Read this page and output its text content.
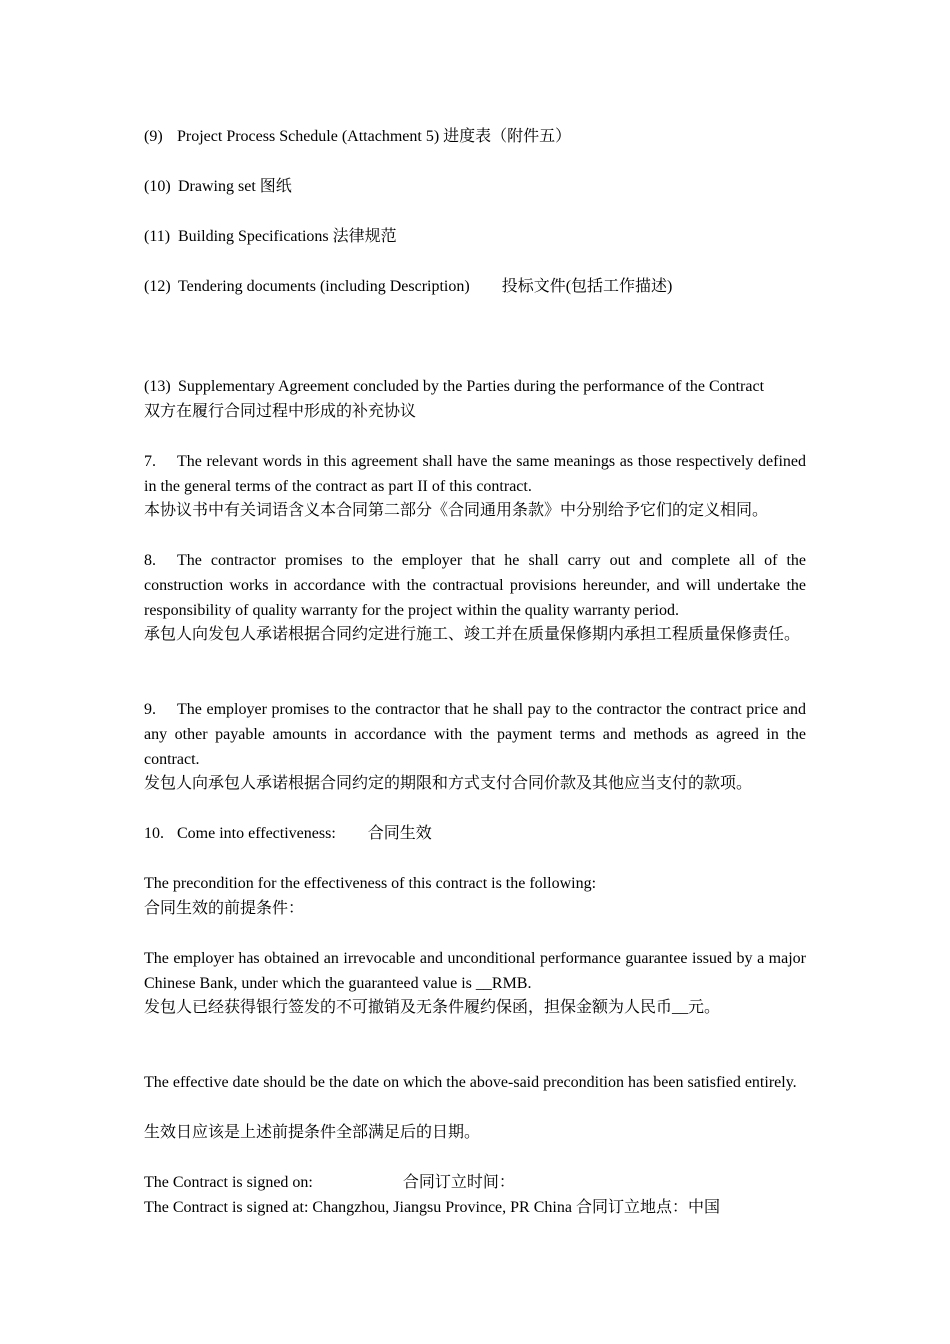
(9) Project Process Schedule (Attachment 5) 进度表（附件五）
(10) Drawing set 图纸
(11) Building Specifications 法律规范
(12) Tendering documents (including Description) 投标文件(包括工作描述)
(13) Supplementary Agreement concluded by the Parties during the performance of the Contract
双方在履行合同过程中形成的补充协议
7. The relevant words in this agreement shall have the same meanings as those respectively defined in the general terms of the contract as part II of this contract.
本协议书中有关词语含义本合同第二部分《合同通用条款》中分别给予它们的定义相同。
8. The contractor promises to the employer that he shall carry out and complete all of the construction works in accordance with the contractual provisions hereunder, and will undertake the responsibility of quality warranty for the project within the quality warranty period.
承包人向发包人承诺根据合同约定进行施工、竣工并在质量保修期内承担工程质量保修责任。
9. The employer promises to the contractor that he shall pay to the contractor the contract price and any other payable amounts in accordance with the payment terms and methods as agreed in the contract.
发包人向承包人承诺根据合同约定的期限和方式支付合同价款及其他应当支付的款项。
10. Come into effectiveness: 合同生效
The precondition for the effectiveness of this contract is the following:
合同生效的前提条件：
The employer has obtained an irrevocable and unconditional performance guarantee issued by a major Chinese Bank, under which the guaranteed value is __RMB.
发包人已经获得银行签发的不可撤销及无条件履约保函，担保金额为人民币__元。
The effective date should be the date on which the above-said precondition has been satisfied entirely.
生效日应该是上述前提条件全部满足后的日期。
The Contract is signed on:	合同订立时间：
The Contract is signed at: Changzhou, Jiangsu Province, PR China 合同订立地点：中国
